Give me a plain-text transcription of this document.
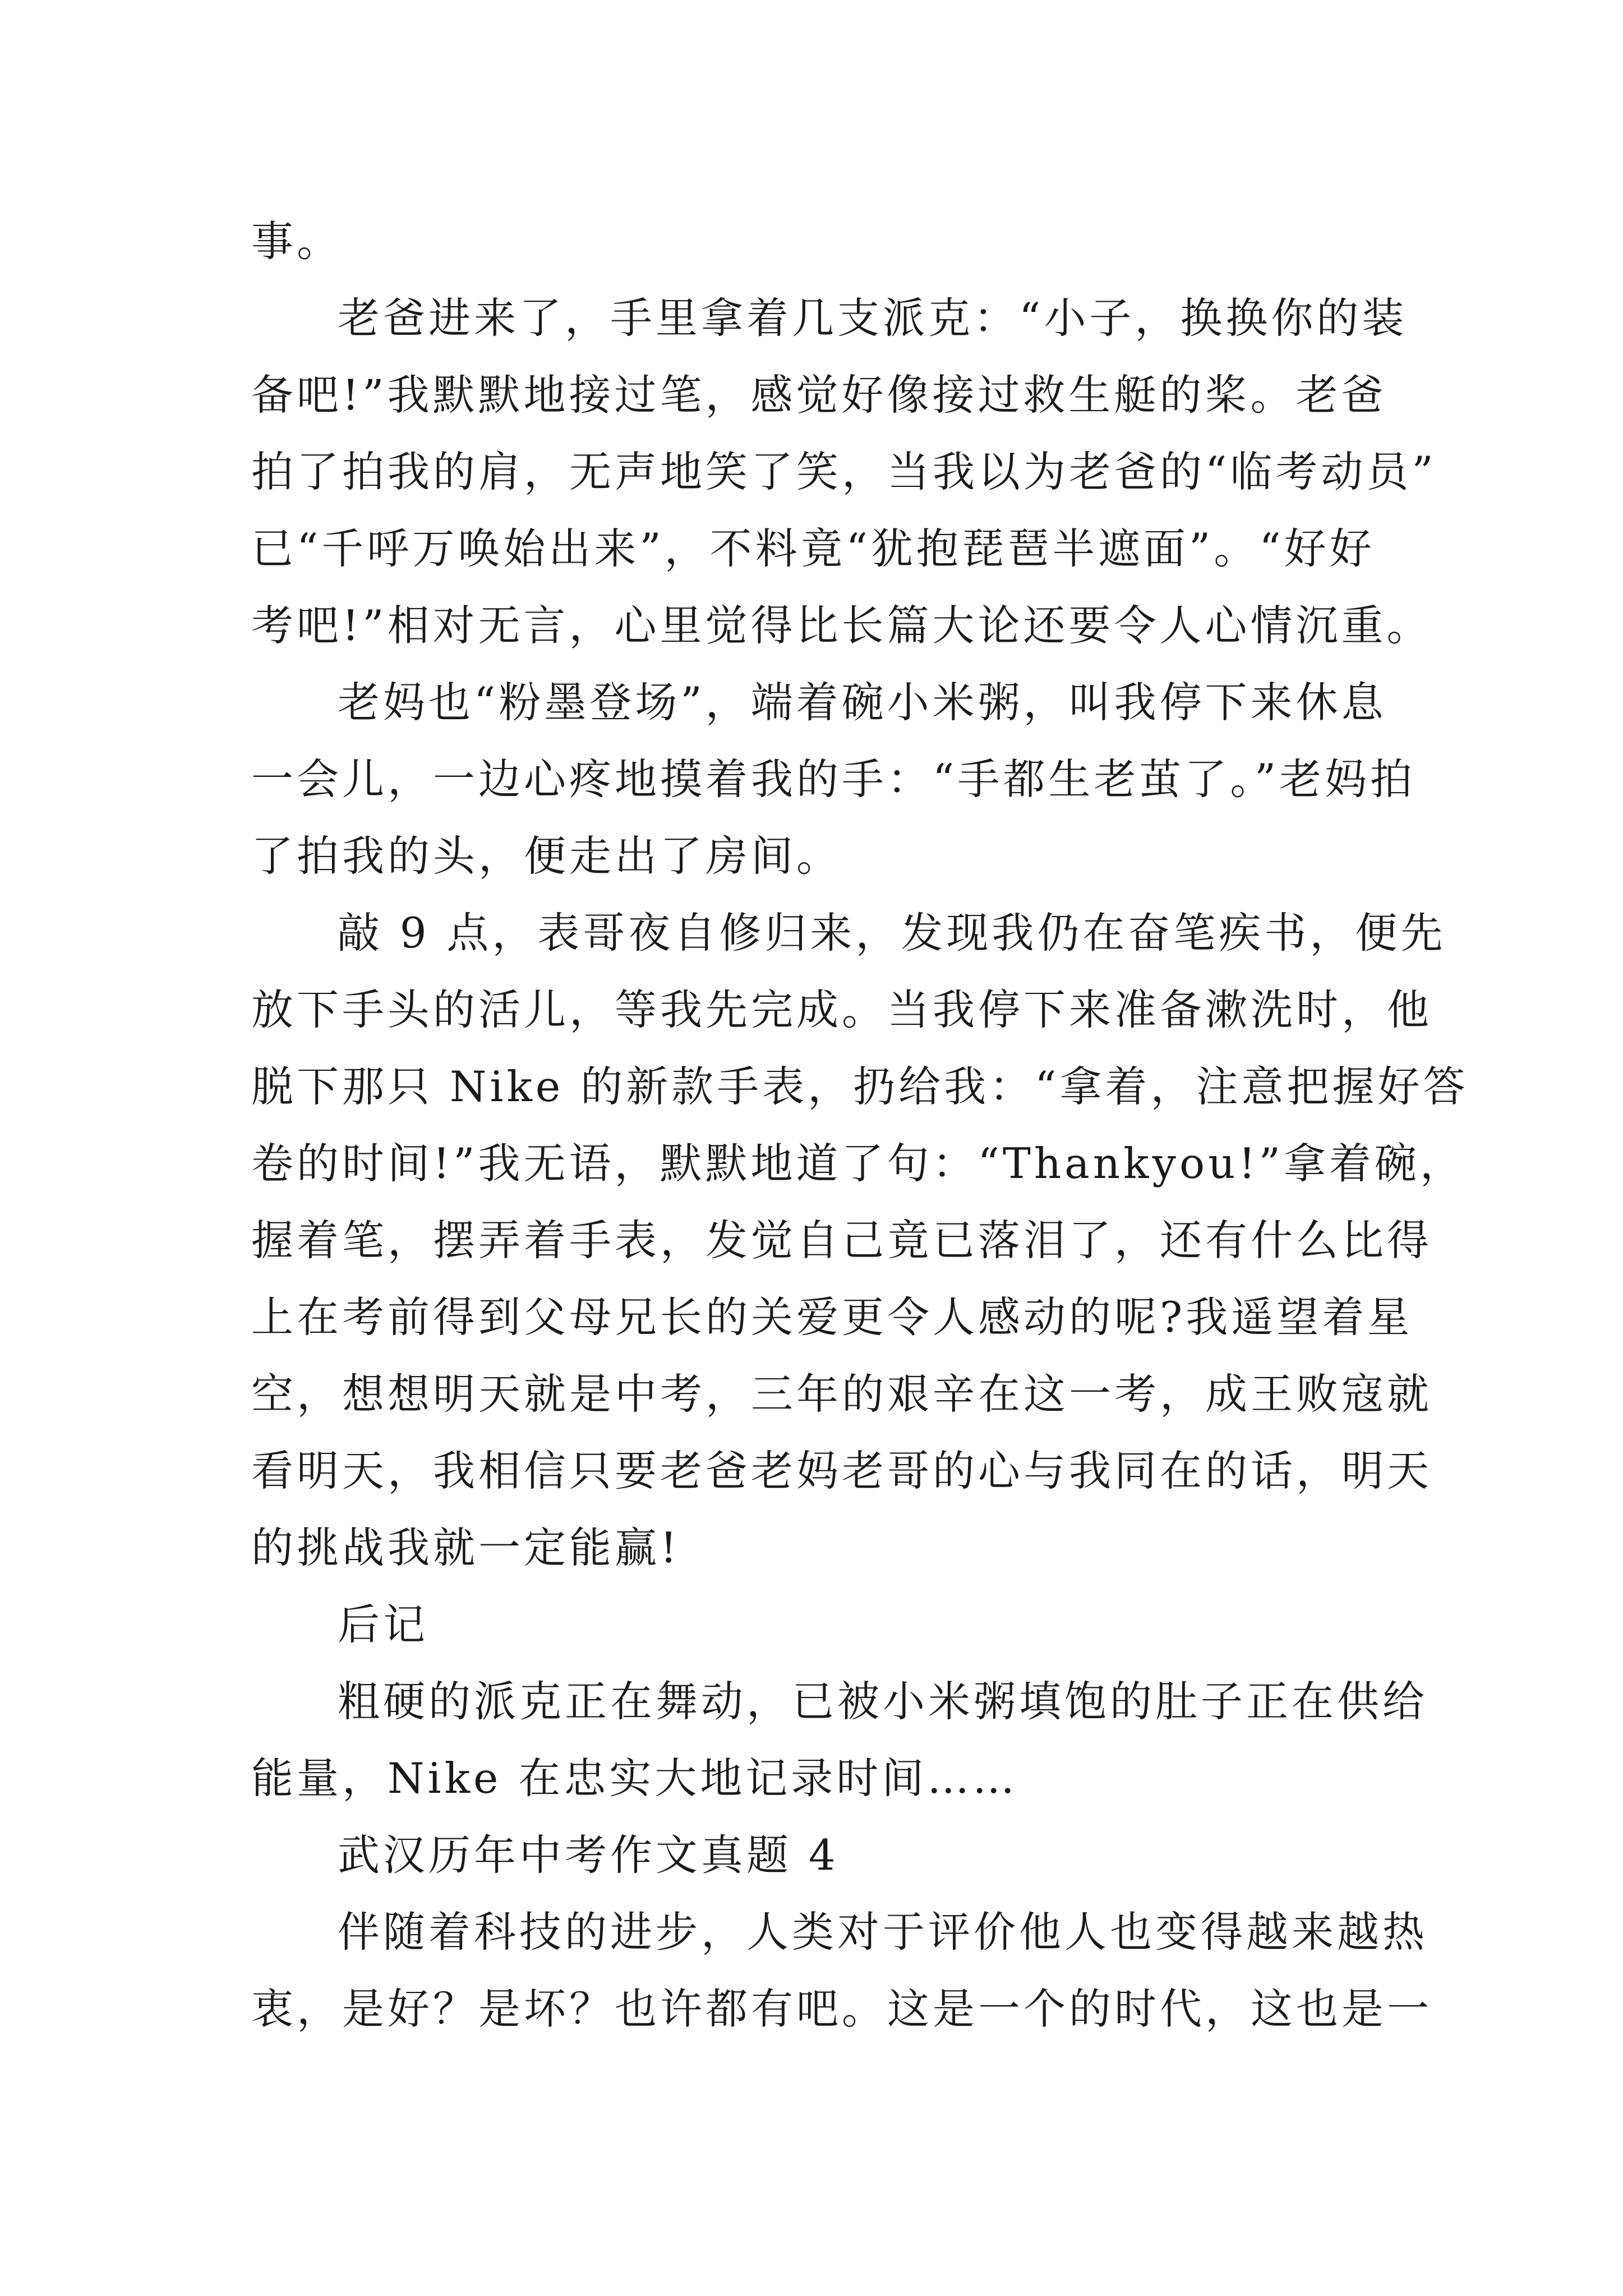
事。
老爸进来了，手里拿着几支派克：“小子，换换你的装
备吧!”我默默地接过笔，感觉好像接过救生艇的桨。老爸
拍了拍我的肩，无声地笑了笑，当我以为老爸的“临考动员”
已“千呼万唤始出来”，不料竟“犹抱琵琶半遮面”。“好好
考吧!”相对无言，心里觉得比长篇大论还要令人心情沉重。
老妈也“粉墨登场”，端着碗小米粥，叫我停下来休息
一会儿，一边心疼地摸着我的手：“手都生老茧了。”老妈拍
了拍我的头，便走出了房间。
敲 9 点，表哥夜自修归来，发现我仍在奋笔疾书，便先
放下手头的活儿，等我先完成。当我停下来准备漱洗时，他
脱下那只 Nike 的新款手表，扔给我：“拿着，注意把握好答
卷的时间!”我无语，默默地道了句：“Thankyou!”拿着碗，
握着笔，摆弄着手表，发觉自己竟已落泪了，还有什么比得
上在考前得到父母兄长的关爱更令人感动的呢?我遥望着星
空，想想明天就是中考，三年的艰辛在这一考，成王败寇就
看明天，我相信只要老爸老妈老哥的心与我同在的话，明天
的挑战我就一定能赢!
后记
粗硬的派克正在舞动，已被小米粥填饱的肚子正在供给
能量，Nike 在忠实大地记录时间……
武汉历年中考作文真题 4
伴随着科技的进步，人类对于评价他人也变得越来越热
衷，是好？是坏？也许都有吧。这是一个的时代，这也是一
